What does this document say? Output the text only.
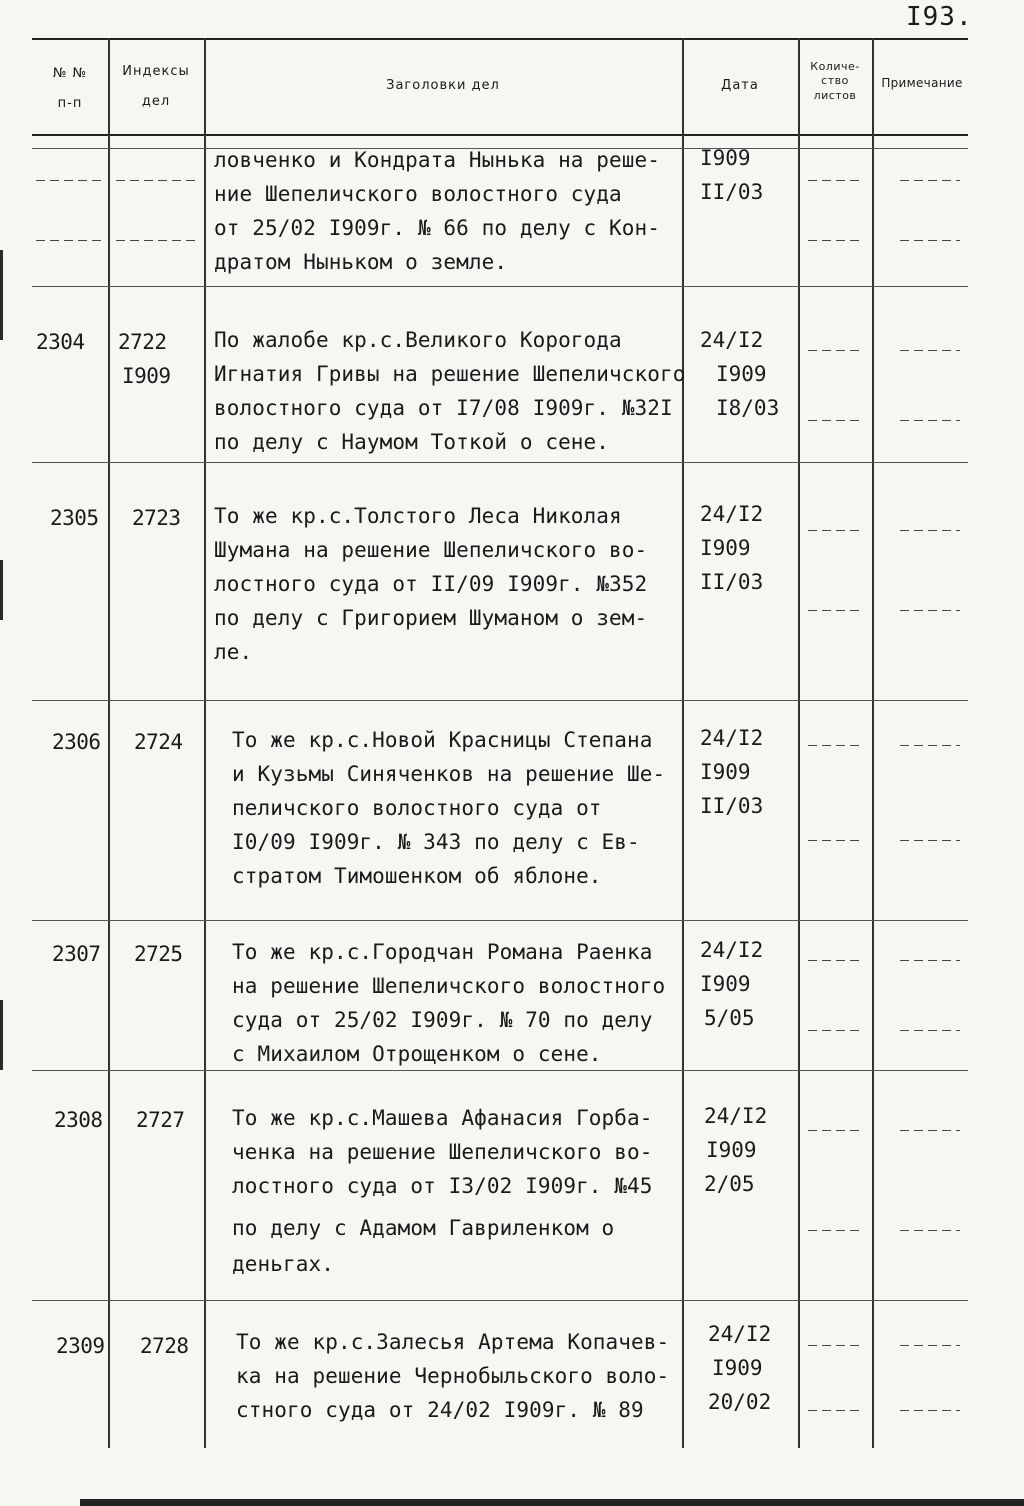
I93.
№ №
п-п
Индексы
дел
Заголовки дел	Дата
Количе-
ство
листов
Примечание
ловченко и Кондрата Нынька на реше-
ние Шепеличского волостного суда
от 25/02 I909г. № 66 по делу с Кон-
дратом Ныньком о земле.
I909
II/03
2304 2722
I909
По жалобе кр.с.Великого Корогода
Игнатия Гривы на решение Шепеличского
волостного суда от I7/08 I909г. №32I
по делу с Наумом Тоткой о сене.
24/I2
I909
I8/03
2305 2723 То же кр.с.Толстого Леса Николая
Шумана на решение Шепеличского во-
лостного суда от II/09 I909г. №352
по делу с Григорием Шуманом о зем-
ле.
24/I2
I909
II/03
2306 2724 То же кр.с.Новой Красницы Степана
и Кузьмы Синяченков на решение Ше-
пеличского волостного суда от
I0/09 I909г. № 343 по делу с Ев-
стратом Тимошенком об яблоне.
24/I2
I909
II/03
2307 2725 То же кр.с.Городчан Романа Раенка
на решение Шепеличского волостного
суда от 25/02 I909г. № 70 по делу
с Михаилом Отрощенком о сене.
24/I2
I909
5/05
2308 2727 То же кр.с.Машева Афанасия Горба-
ченка на решение Шепеличского во-
лостного суда от I3/02 I909г. №45
по делу с Адамом Гавриленком о
деньгах.
24/I2
I909
2/05
2309 2728 То же кр.с.Залесья Артема Копачев-
ка на решение Чернобыльского воло-
стного суда от 24/02 I909г. № 89
24/I2
I909
20/02
